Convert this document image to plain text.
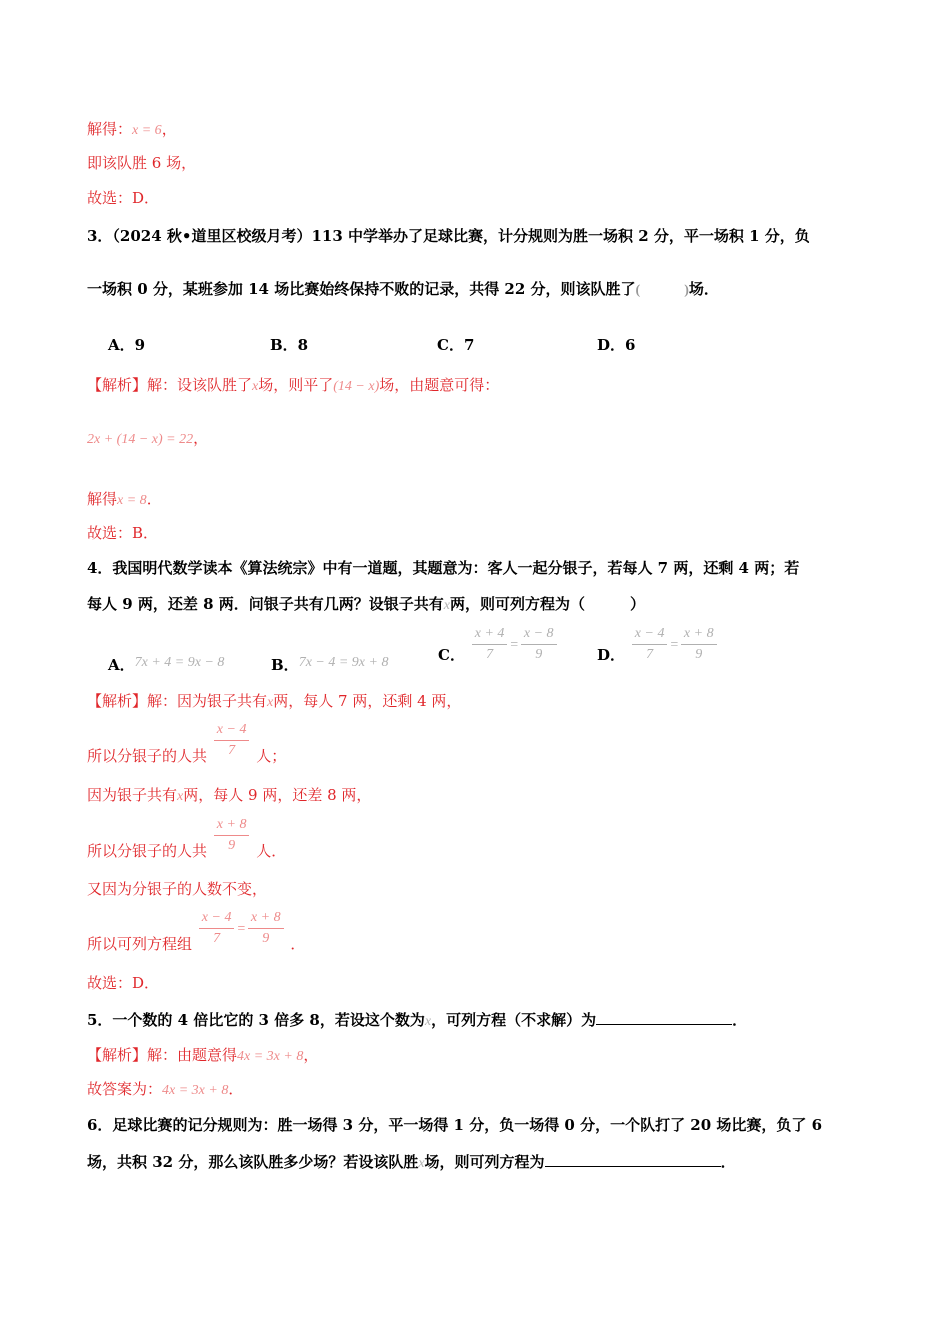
解得：x = 6，
即该队胜 6 场，
故选：D．
3．（2024 秋•道里区校级月考）113 中学举办了足球比赛，计分规则为胜一场积 2 分，平一场积 1 分，负
一场积 0 分，某班参加 14 场比赛始终保持不败的记录，共得 22 分，则该队胜了(	)场．
A．9	B．8	C．7	D．6
【解析】解：设该队胜了x场，则平了(14 − x)场，由题意可得：
2x + (14 − x) = 22，
解得x = 8．
故选：B．
4．我国明代数学读本《算法统宗》中有一道题，其题意为：客人一起分银子，若每人 7 两，还剩 4 两；若
每人 9 两，还差 8 两．问银子共有几两？设银子共有x两，则可列方程为（　　　）
A．7x + 4 = 9x − 8	B．7x − 4 = 9x + 8	C． $\frac{x + 4}{7} = \frac{x - 8}{9}$	D． $\frac{x - 4}{7} = \frac{x + 8}{9}$
【解析】解：因为银子共有x两，每人 7 两，还剩 4 两，
所以分银子的人共 $\frac{x - 4}{7}$ 人；
因为银子共有x两，每人 9 两，还差 8 两，
所以分银子的人共 $\frac{x + 8}{9}$ 人．
又因为分银子的人数不变，
所以可列方程组 $\frac{x - 4}{7} = \frac{x + 8}{9}$ ．
故选：D．
5．一个数的 4 倍比它的 3 倍多 8，若设这个数为x，可列方程（不求解）为	．
【解析】解：由题意得4x = 3x + 8，
故答案为：4x = 3x + 8．
6．足球比赛的记分规则为：胜一场得 3 分，平一场得 1 分，负一场得 0 分，一个队打了 20 场比赛，负了 6
场，共积 32 分，那么该队胜多少场？若设该队胜x场，则可列方程为	．
